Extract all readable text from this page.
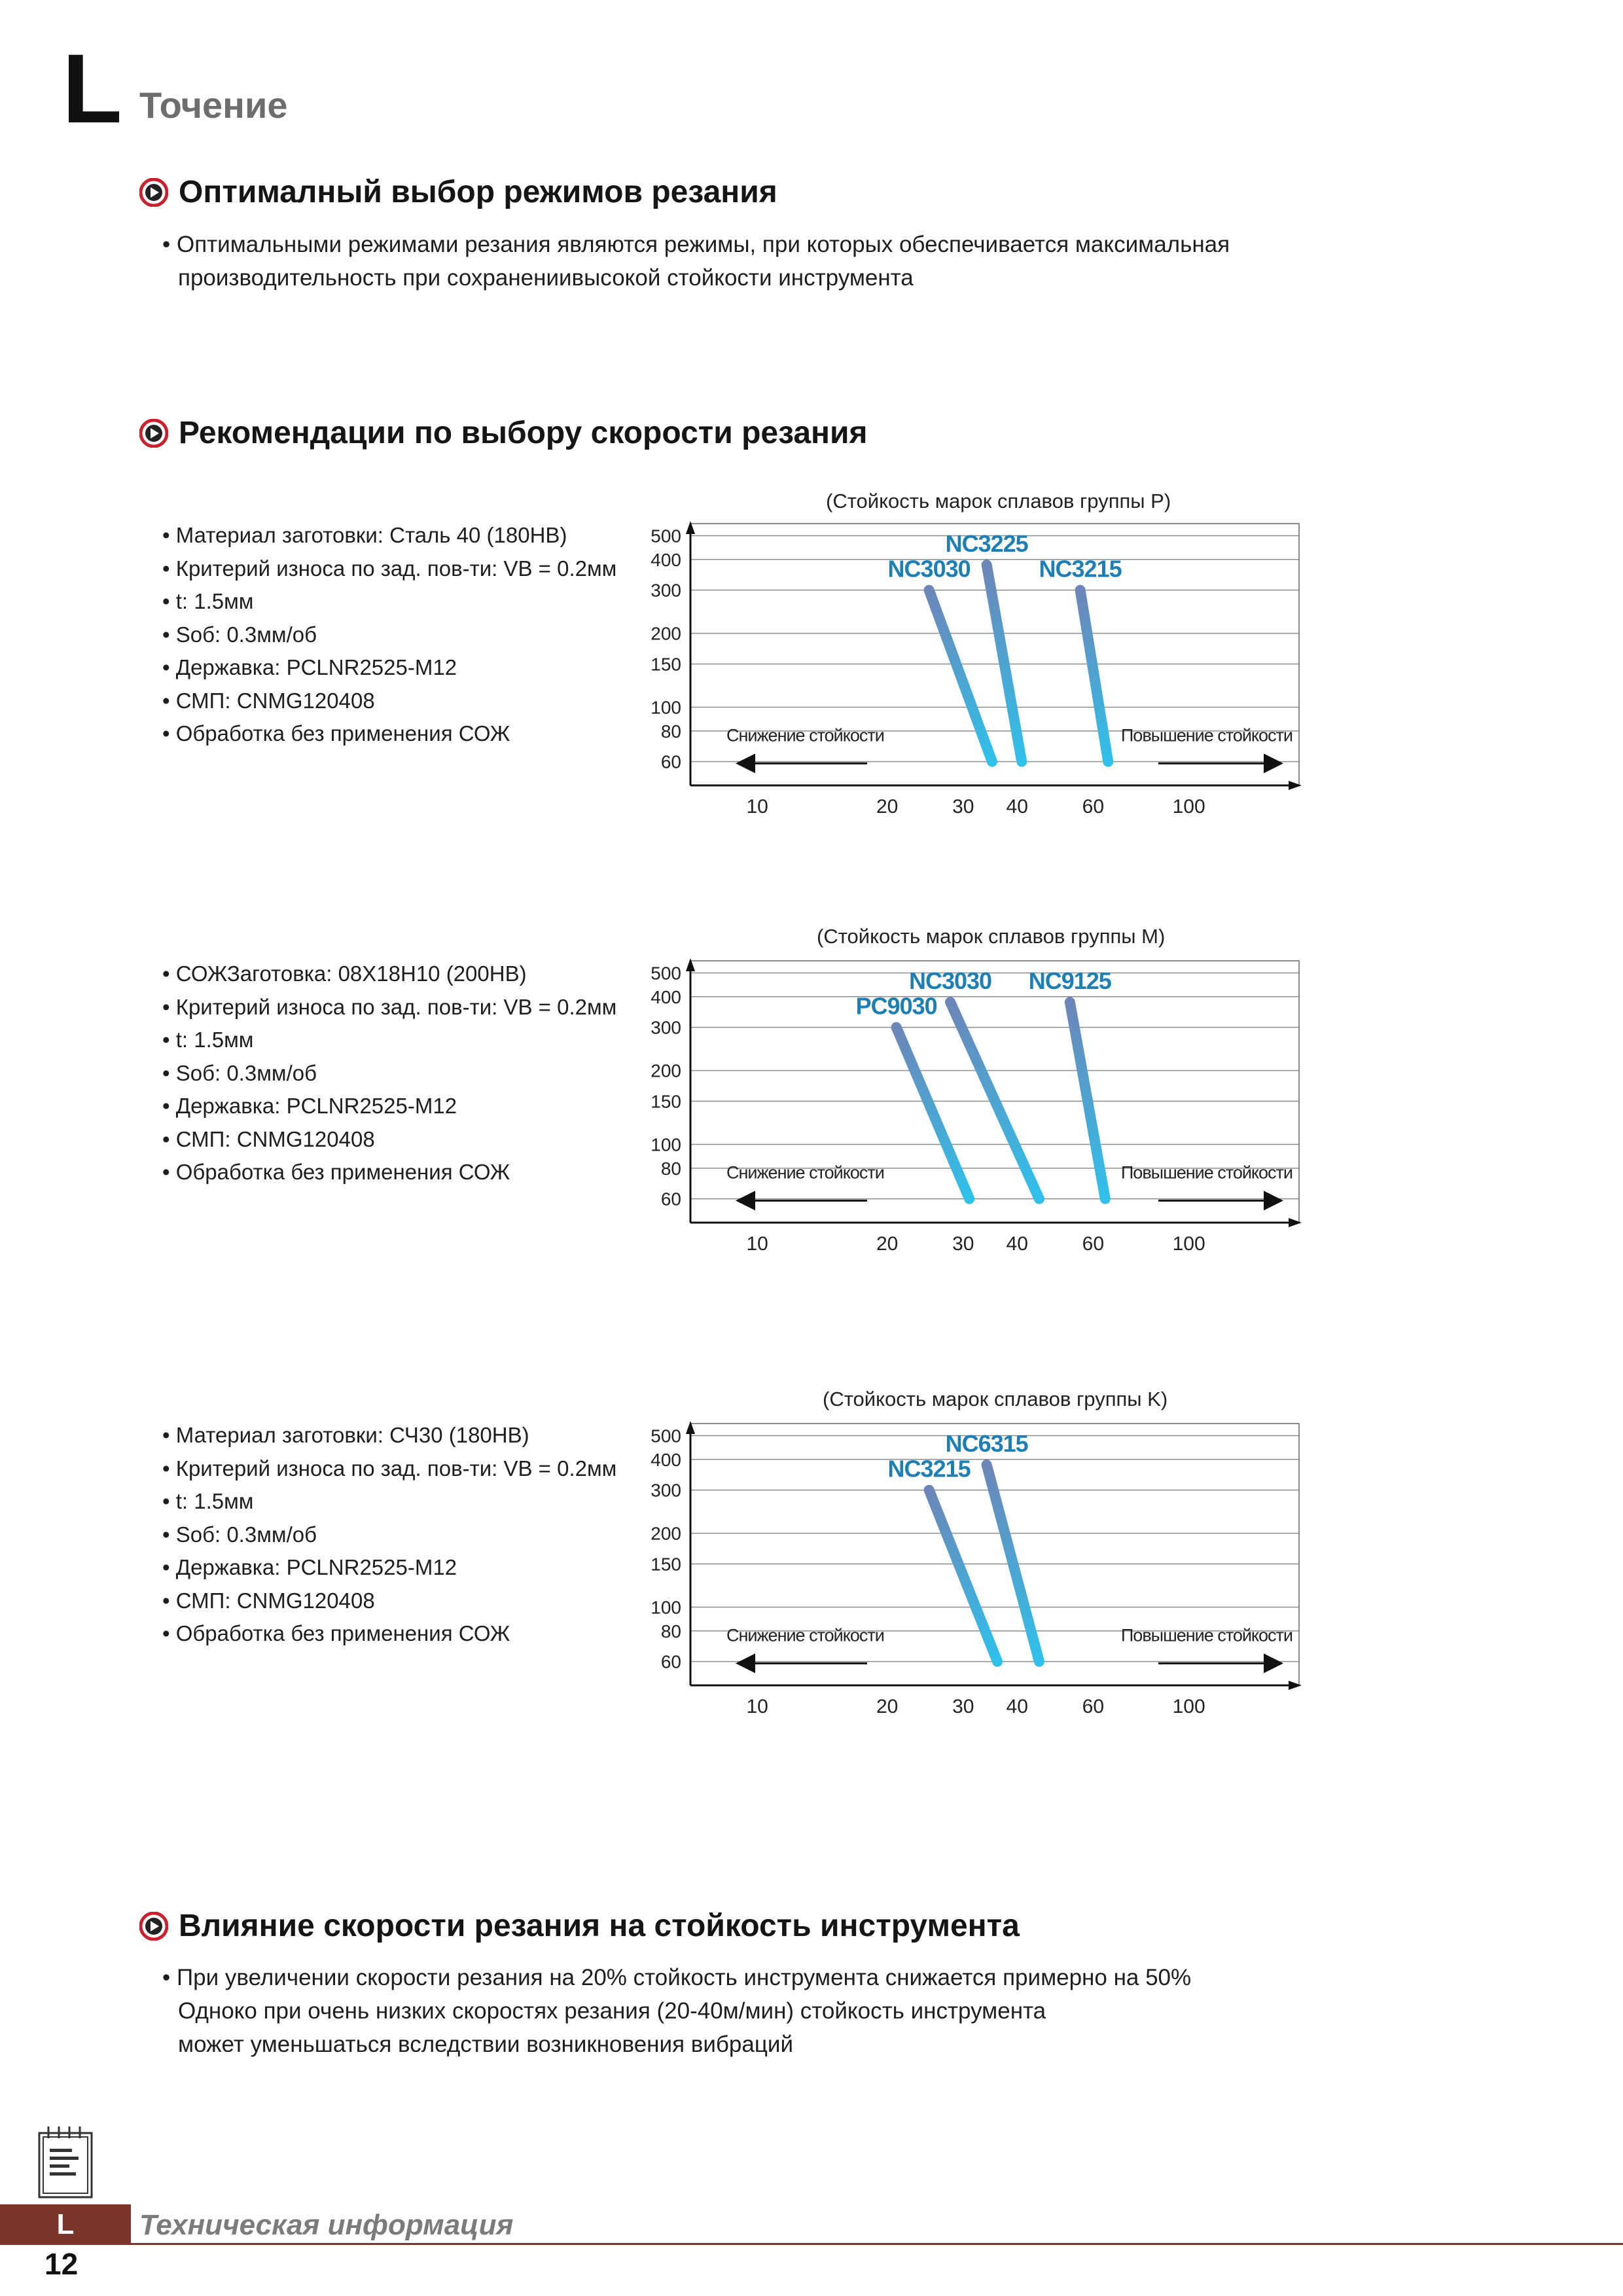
L Точение
Оптималный выбор режимов резания
• Оптимальными режимами резания являются режимы, при которых обеспечивается максимальная
производительность при сохранениивысокой стойкости инструмента
Рекомендации по выбору скорости резания
• Материал заготовки: Сталь 40 (180HB)
• Критерий износа по зад. пов-ти: VB = 0.2мм
• t: 1.5мм
• Sоб: 0.3мм/об
• Державка: PCLNR2525-M12
• СМП: CNMG120408
• Обработка без применения СОЖ
(Стойкость марок сплавов группы P)
500
400
300
200
150
100
80
60
10	20	30 40	60	100
NC3030
NC3225
NC3215
Снижение стойкости	Повышение стойкости
• СОЖЗаготовка: 08Х18Н10 (200HB)
• Критерий износа по зад. пов-ти: VB = 0.2мм
• t: 1.5мм
• Sоб: 0.3мм/об
• Державка: PCLNR2525-M12
• СМП: CNMG120408
• Обработка без применения СОЖ
(Стойкость марок сплавов группы М)
500
400
300
200
150
100
80
60
10	20	30 40	60	100
PC9030
NC3030 NC9125
Снижение стойкости	Повышение стойкости
• Материал заготовки: СЧ30 (180HB)
• Критерий износа по зад. пов-ти: VB = 0.2мм
• t: 1.5мм
• Sоб: 0.3мм/об
• Державка: PCLNR2525-M12
• СМП: CNMG120408
• Обработка без применения СОЖ
(Стойкость марок сплавов группы K)
500
400
300
200
150
100
80
60
10	20	30 40	60	100
NC3215
NC6315
Снижение стойкости	Повышение стойкости
Влияние скорости резания на стойкость инструмента
• При увеличении скорости резания на 20% стойкость инструмента снижается примерно на 50%
Одноко при очень низких скоростях резания (20-40м/мин) стойкость инструмента
может уменьшаться вследствии возникновения вибраций
L	Техническая информация
12
